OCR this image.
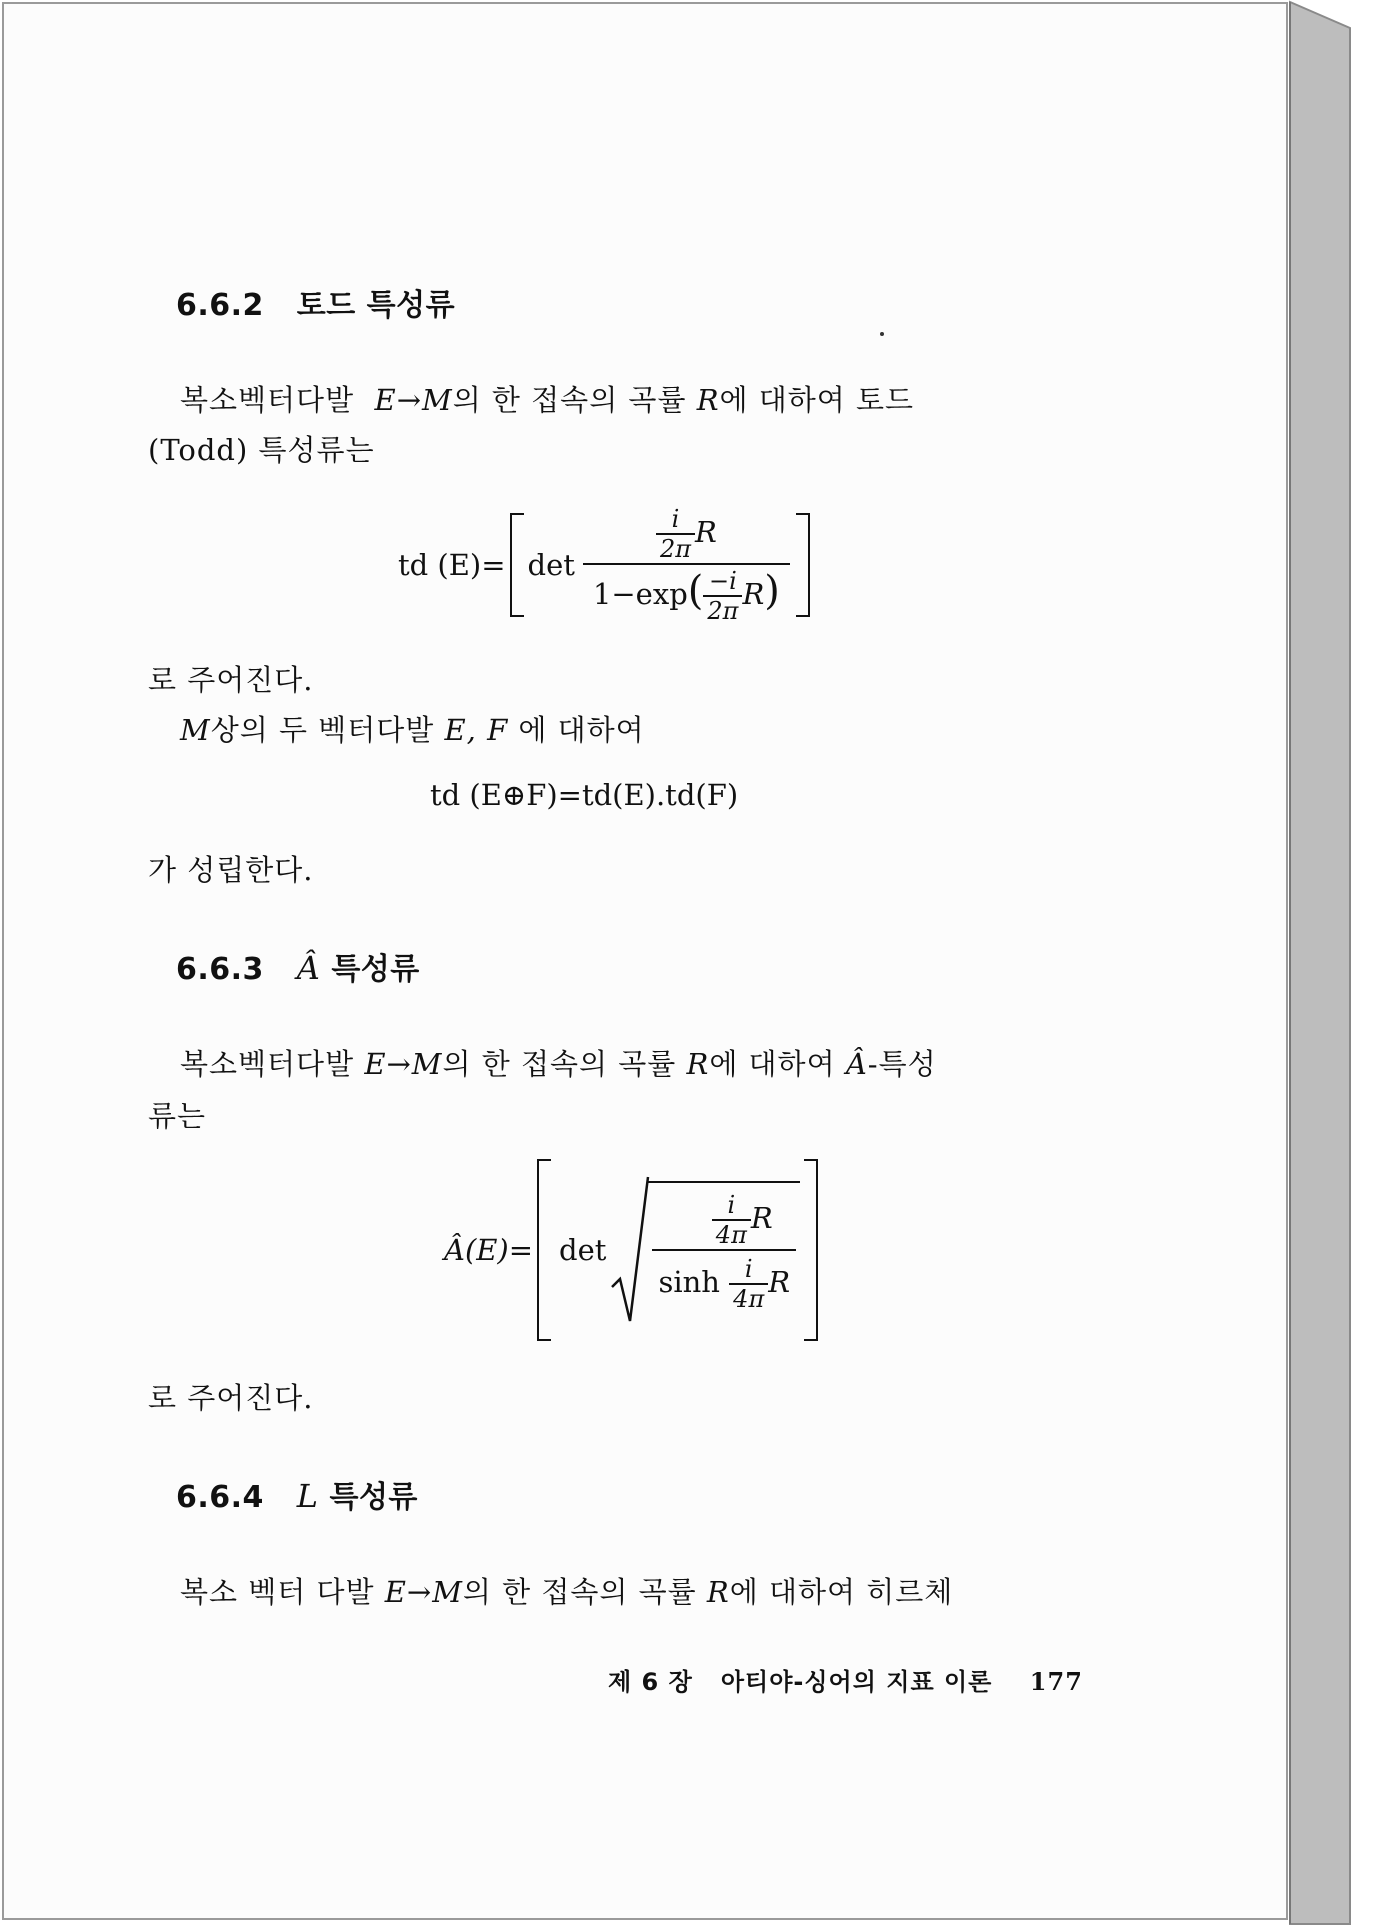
6.6.2 토드 특성류
복소벡터다발 E→M의 한 접속의 곡률 R에 대하여 토드
(Todd) 특성류는
td $(E)= \det \frac{\frac{i}{2\pi} R}{1-\exp( \frac{-i}{2\pi} R)}$
로 주어진다.
M상의 두 벡터다발 E, F 에 대하여
td (E⊕F)=td(E).td(F)
가 성립한다.
6.6.3 Â 특성류
복소벡터다발 E→M의 한 접속의 곡률 R에 대하여 Â-특성
류는
Â(E)= $\det \frac{\frac{i}{4\pi} R}{\sinh \frac{i}{4\pi} R}$
로 주어진다.
6.6.4 L 특성류
복소 벡터 다발 E→M의 한 접속의 곡률 R에 대하여 히르체
제 6 장 아티야-싱어의 지표 이론 177
